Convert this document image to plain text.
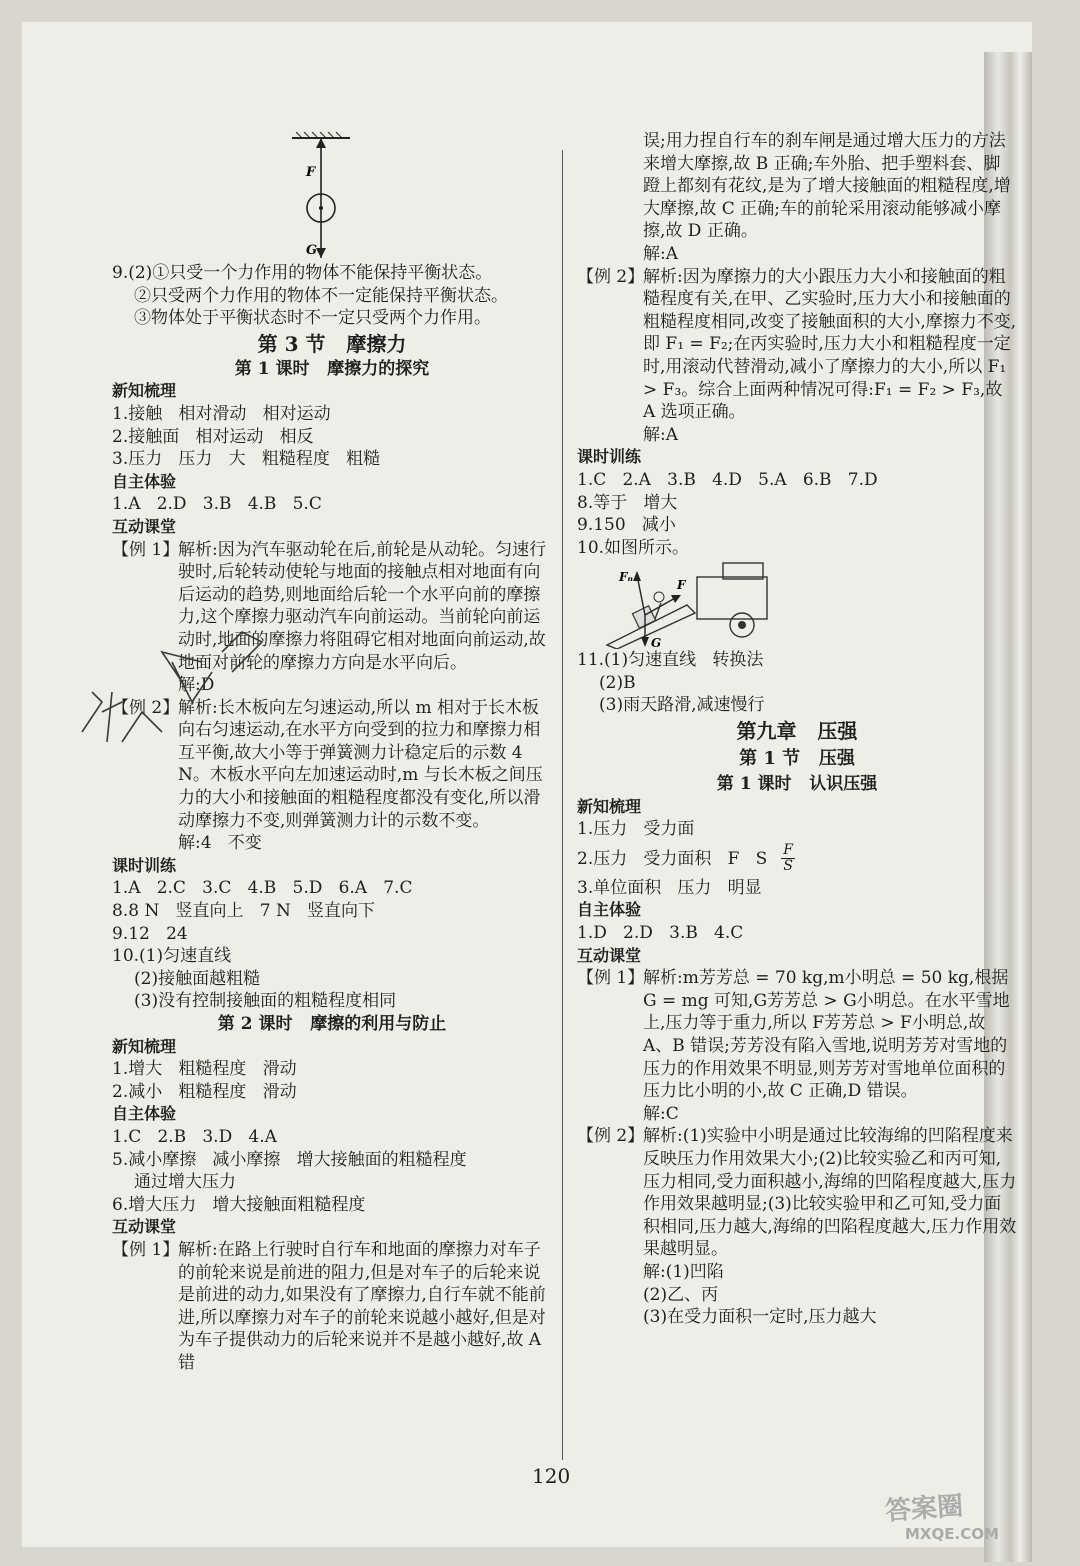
F
G

9.(2)①只受一个力作用的物体不能保持平衡状态。

②只受两个力作用的物体不一定能保持平衡状态。

③物体处于平衡状态时不一定只受两个力作用。

第 3 节   摩擦力

第 1 课时   摩擦力的探究

新知梳理

1.接触   相对滑动   相对运动

2.接触面   相对运动   相反

3.压力   压力   大   粗糙程度   粗糙

自主体验

1.A   2.D   3.B   4.B   5.C

互动课堂

【例 1】

解析:因为汽车驱动轮在后,前轮是从动轮。匀速行驶时,后轮转动使轮与地面的接触点相对地面有向后运动的趋势,则地面给后轮一个水平向前的摩擦力,这个摩擦力驱动汽车向前运动。当前轮向前运动时,地面的摩擦力将阻碍它相对地面向前运动,故地面对前轮的摩擦力方向是水平向后。

解:D

【例 2】

解析:长木板向左匀速运动,所以 m 相对于长木板向右匀速运动,在水平方向受到的拉力和摩擦力相互平衡,故大小等于弹簧测力计稳定后的示数 4 N。木板水平向左加速运动时,m 与长木板之间压力的大小和接触面的粗糙程度都没有变化,所以滑动摩擦力不变,则弹簧测力计的示数不变。

解:4   不变

课时训练

1.A   2.C   3.C   4.B   5.D   6.A   7.C

8.8 N   竖直向上   7 N   竖直向下

9.12   24

10.(1)匀速直线

(2)接触面越粗糙

(3)没有控制接触面的粗糙程度相同

第 2 课时   摩擦的利用与防止

新知梳理

1.增大   粗糙程度   滑动

2.减小   粗糙程度   滑动

自主体验

1.C   2.B   3.D   4.A

5.减小摩擦   减小摩擦   增大接触面的粗糙程度

通过增大压力

6.增大压力   增大接触面粗糙程度

互动课堂

【例 1】

解析:在路上行驶时自行车和地面的摩擦力对车子的前轮来说是前进的阻力,但是对车子的后轮来说是前进的动力,如果没有了摩擦力,自行车就不能前进,所以摩擦力对车子的前轮来说越小越好,但是对为车子提供动力的后轮来说并不是越小越好,故 A 错

误;用力捏自行车的刹车闸是通过增大压力的方法来增大摩擦,故 B 正确;车外胎、把手塑料套、脚蹬上都刻有花纹,是为了增大接触面的粗糙程度,增大摩擦,故 C 正确;车的前轮采用滚动能够减小摩擦,故 D 正确。

解:A

【例 2】

解析:因为摩擦力的大小跟压力大小和接触面的粗糙程度有关,在甲、乙实验时,压力大小和接触面的粗糙程度相同,改变了接触面积的大小,摩擦力不变,即 F₁ = F₂;在丙实验时,压力大小和粗糙程度一定时,用滚动代替滑动,减小了摩擦力的大小,所以 F₁ > F₃。综合上面两种情况可得:F₁ = F₂ > F₃,故 A 选项正确。

解:A

课时训练

1.C   2.A   3.B   4.D   5.A   6.B   7.D

8.等于   增大

9.150   减小

10.如图所示。

Fₙ
F
G

11.(1)匀速直线   转换法

(2)B

(3)雨天路滑,减速慢行

第九章   压强

第 1 节   压强

第 1 课时   认识压强

新知梳理

1.压力   受力面

2.压力   受力面积   F   S $\frac{F}{S}$

3.单位面积   压力   明显

自主体验

1.D   2.D   3.B   4.C

互动课堂

【例 1】

解析:m芳芳总 = 70 kg,m小明总 = 50 kg,根据 G = mg 可知,G芳芳总 > G小明总。在水平雪地上,压力等于重力,所以 F芳芳总 > F小明总,故 A、B 错误;芳芳没有陷入雪地,说明芳芳对雪地的压力的作用效果不明显,则芳芳对雪地单位面积的压力比小明的小,故 C 正确,D 错误。

解:C

【例 2】

解析:(1)实验中小明是通过比较海绵的凹陷程度来反映压力作用效果大小;(2)比较实验乙和丙可知,压力相同,受力面积越小,海绵的凹陷程度越大,压力作用效果越明显;(3)比较实验甲和乙可知,受力面积相同,压力越大,海绵的凹陷程度越大,压力作用效果越明显。

解:(1)凹陷

(2)乙、丙

(3)在受力面积一定时,压力越大

120
答案圈
MXQE.COM
